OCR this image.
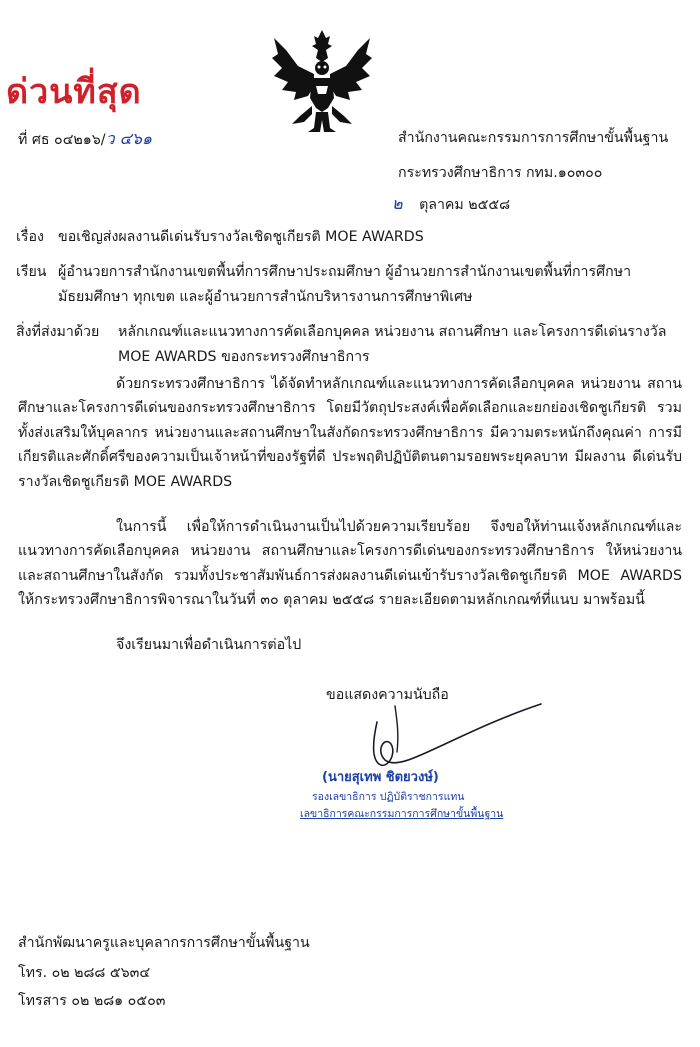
ด่วนที่สุด
ที่ ศธ ๐๔๒๑๖/ว ๔๖๑	สำนักงานคณะกรรมการการศึกษาขั้นพื้นฐาน
กระทรวงศึกษาธิการ กทม.๑๐๓๐๐
๒ ตุลาคม ๒๕๕๘
เรื่อง ขอเชิญส่งผลงานดีเด่นรับรางวัลเชิดชูเกียรติ MOE AWARDS
เรียน ผู้อำนวยการสำนักงานเขตพื้นที่การศึกษาประถมศึกษา ผู้อำนวยการสำนักงานเขตพื้นที่การศึกษา
มัธยมศึกษา ทุกเขต และผู้อำนวยการสำนักบริหารงานการศึกษาพิเศษ
สิ่งที่ส่งมาด้วย หลักเกณฑ์และแนวทางการคัดเลือกบุคคล หน่วยงาน สถานศึกษา และโครงการดีเด่นรางวัล
MOE AWARDS ของกระทรวงศึกษาธิการ

ด้วยกระทรวงศึกษาธิการ ได้จัดทำหลักเกณฑ์และแนวทางการคัดเลือกบุคคล หน่วยงาน สถานศึกษาและโครงการดีเด่นของกระทรวงศึกษาธิการ โดยมีวัตถุประสงค์เพื่อคัดเลือกและยกย่องเชิดชูเกียรติ รวมทั้งส่งเสริมให้บุคลากร หน่วยงานและสถานศึกษาในสังกัดกระทรวงศึกษาธิการ มีความตระหนักถึงคุณค่า การมีเกียรติและศักดิ์ศรีของความเป็นเจ้าหน้าที่ของรัฐที่ดี ประพฤติปฏิบัติตนตามรอยพระยุคลบาท มีผลงาน ดีเด่นรับรางวัลเชิดชูเกียรติ MOE AWARDS

ในการนี้ เพื่อให้การดำเนินงานเป็นไปด้วยความเรียบร้อย จึงขอให้ท่านแจ้งหลักเกณฑ์และ แนวทางการคัดเลือกบุคคล หน่วยงาน สถานศึกษาและโครงการดีเด่นของกระทรวงศึกษาธิการ ให้หน่วยงาน และสถานศึกษาในสังกัด รวมทั้งประชาสัมพันธ์การส่งผลงานดีเด่นเข้ารับรางวัลเชิดชูเกียรติ MOE AWARDS ให้กระทรวงศึกษาธิการพิจารณาในวันที่ ๓๐ ตุลาคม ๒๕๕๘ รายละเอียดตามหลักเกณฑ์ที่แนบ มาพร้อมนี้

จึงเรียนมาเพื่อดำเนินการต่อไป
ขอแสดงความนับถือ
(นายสุเทพ ชิตยวงษ์)
รองเลขาธิการ ปฏิบัติราชการแทน
เลขาธิการคณะกรรมการการศึกษาขั้นพื้นฐาน
สำนักพัฒนาครูและบุคลากรการศึกษาขั้นพื้นฐาน
โทร. ๐๒ ๒๘๘ ๕๖๓๔
โทรสาร ๐๒ ๒๘๑ ๐๕๐๓
